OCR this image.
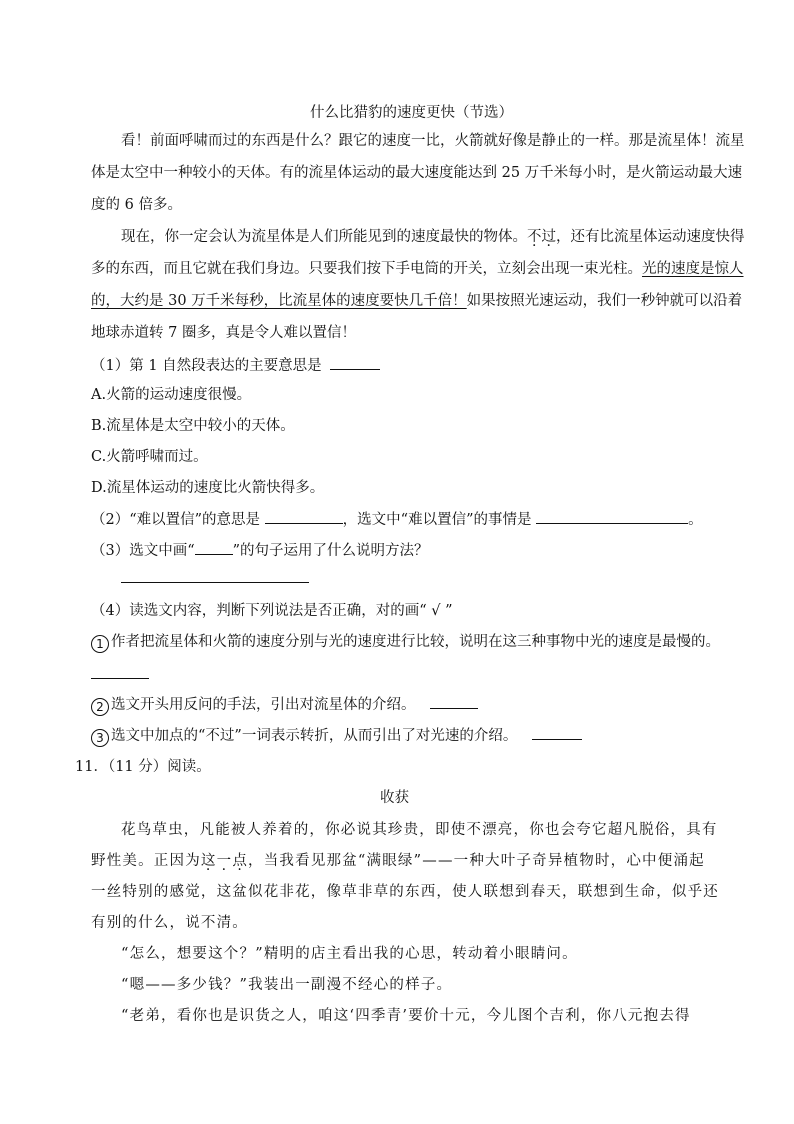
什么比猎豹的速度更快（节选）
看！前面呼啸而过的东西是什么？跟它的速度一比，火箭就好像是静止的一样。那是流星体！流星
体是太空中一种较小的天体。有的流星体运动的最大速度能达到 25 万千米每小时，是火箭运动最大速
度的 6 倍多。
现在，你一定会认为流星体是人们所能见到的速度最快的物体。不过，还有比流星体运动速度快得
多的东西，而且它就在我们身边。只要我们按下手电筒的开关，立刻会出现一束光柱。光的速度是惊人
的，大约是 30 万千米每秒，比流星体的速度要快几千倍！如果按照光速运动，我们一秒钟就可以沿着
地球赤道转 7 圈多，真是令人难以置信！
（1）第 1 自然段表达的主要意思是
A.火箭的运动速度很慢。
B.流星体是太空中较小的天体。
C.火箭呼啸而过。
D.流星体运动的速度比火箭快得多。
（2）“难以置信”的意思是	，选文中“难以置信”的事情是	。
（3）选文中画“	”的句子运用了什么说明方法？
（4）读选文内容，判断下列说法是否正确，对的画“ √ ”
1 作者把流星体和火箭的速度分别与光的速度进行比较，说明在这三种事物中光的速度是最慢的。
2 选文开头用反问的手法，引出对流星体的介绍。
3 选文中加点的“不过”一词表示转折，从而引出了对光速的介绍。
11．（11 分）阅读。
收获
花鸟草虫，凡能被人养着的，你必说其珍贵，即使不漂亮，你也会夸它超凡脱俗，具有
野性美。正因为这一点，当我看见那盆“满眼绿”——一种大叶子奇异植物时，心中便涌起
一丝特别的感觉，这盆似花非花，像草非草的东西，使人联想到春天，联想到生命，似乎还
有别的什么，说不清。
“怎么，想要这个？”精明的店主看出我的心思，转动着小眼睛问。
“嗯——多少钱？”我装出一副漫不经心的样子。
“老弟，看你也是识货之人，咱这‘四季青’要价十元，今儿图个吉利，你八元抱去得
